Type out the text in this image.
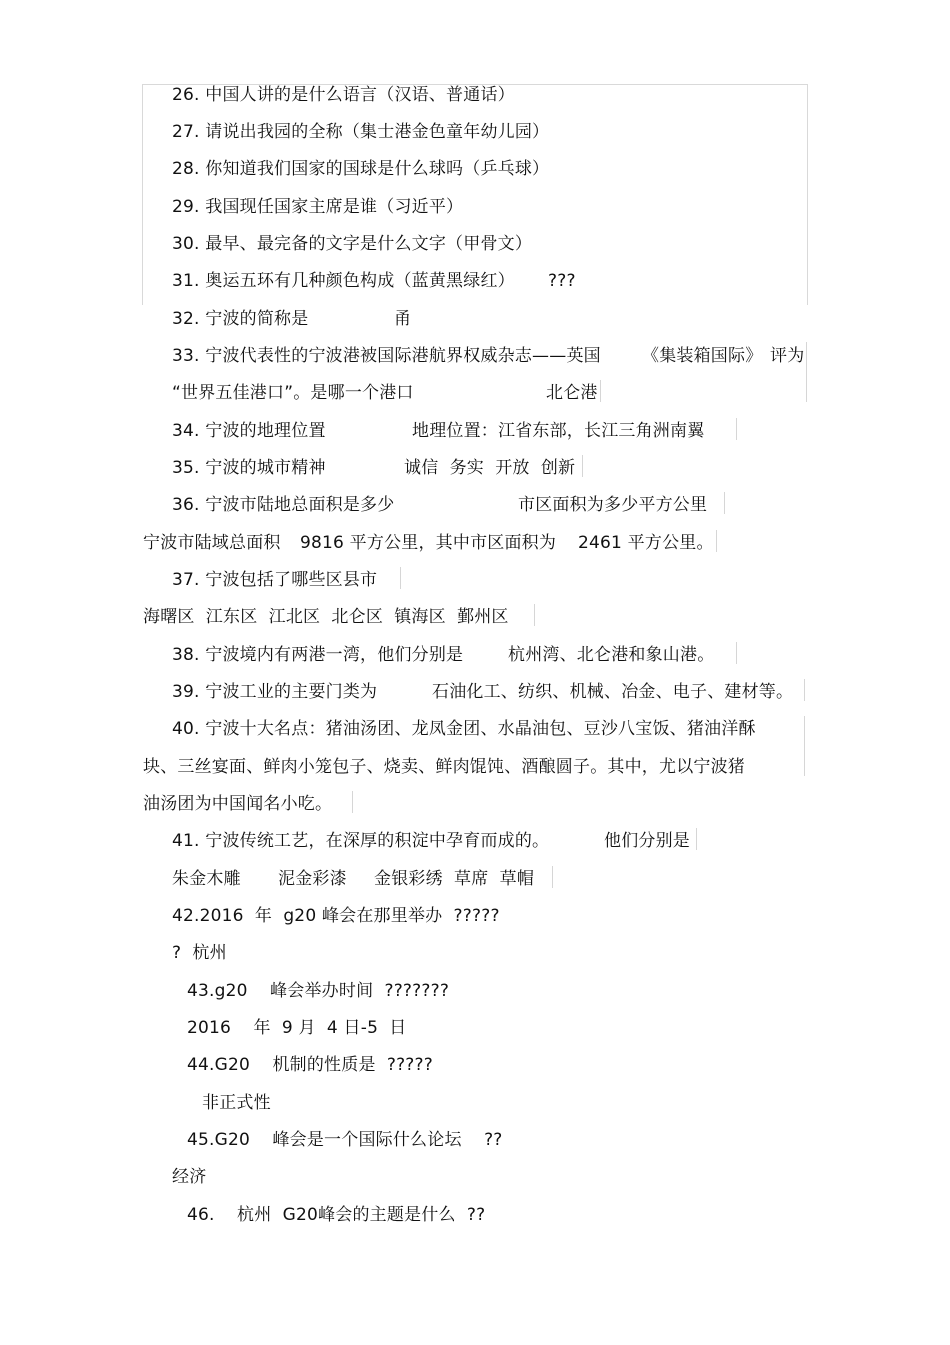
26. 中国人讲的是什么语言（汉语、普通话）
27. 请说出我园的全称（集士港金色童年幼儿园）
28. 你知道我们国家的国球是什么球吗（乒乓球）
29. 我国现任国家主席是谁（习近平）
30. 最早、最完备的文字是什么文字（甲骨文）
31. 奥运五环有几种颜色构成（蓝黄黑绿红） ???
32. 宁波的简称是	甬
33. 宁波代表性的宁波港被国际港航界权威杂志——英国 《集装箱国际》 评为
“世界五佳港口”。是哪一个港口	北仑港
34. 宁波的地理位置	地理位置：江省东部，长江三角洲南翼
35. 宁波的城市精神	诚信  务实  开放  创新
36. 宁波市陆地总面积是多少	市区面积为多少平方公里
宁波市陆域总面积 9816 平方公里，其中市区面积为 2461 平方公里。
37. 宁波包括了哪些区县市
海曙区  江东区  江北区  北仑区  镇海区  鄞州区
38. 宁波境内有两港一湾，他们分别是	杭州湾、北仑港和象山港。
39. 宁波工业的主要门类为	石油化工、纺织、机械、冶金、电子、建材等。
40. 宁波十大名点：猪油汤团、龙凤金团、水晶油包、豆沙八宝饭、猪油洋酥
块、三丝宴面、鲜肉小笼包子、烧卖、鲜肉馄饨、酒酿圆子。其中，尤以宁波猪
油汤团为中国闻名小吃。
41. 宁波传统工艺，在深厚的积淀中孕育而成的。	他们分别是
朱金木雕 泥金彩漆 金银彩绣  草席  草帽
42.2016  年  g20 峰会在那里举办  ?????
?  杭州
43.g20    峰会举办时间  ???????
2016    年  9 月  4 日-5  日
44.G20    机制的性质是  ?????
非正式性
45.G20    峰会是一个国际什么论坛    ??
经济
46.    杭州  G20峰会的主题是什么  ??
